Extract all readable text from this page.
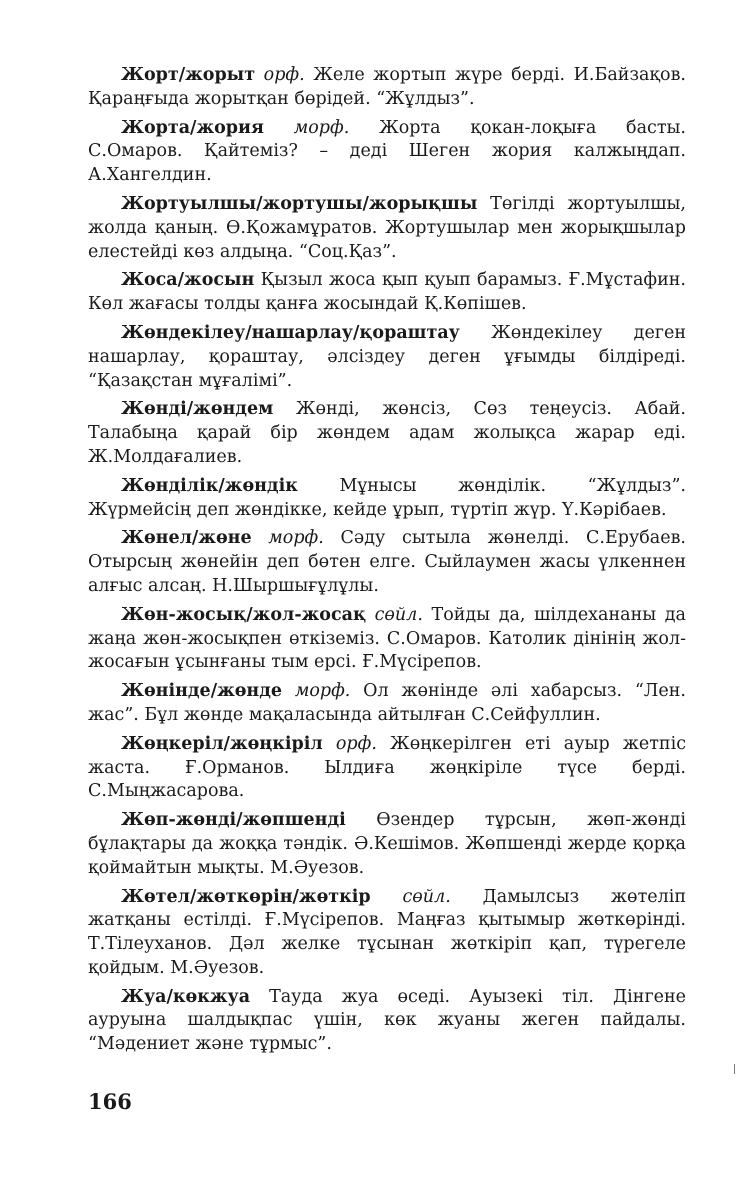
Жорт/жорыт орф. Желе жортып жүре берді. И.Байзақов. Қараңғыда жорытқан бөрідей. “Жұлдыз”.

Жорта/жория морф. Жорта қокан-лоқыға басты. С.Омаров. Қайтеміз? – деді Шеген жория калжыңдап. А.Хангелдин.

Жортуылшы/жортушы/жорықшы Төгілді жортуылшы, жолда қаның. Ө.Қожамұратов. Жортушылар мен жорықшылар елестейді көз алдыңа. “Соц.Қаз”.

Жоса/жосын Қызыл жоса қып қуып барамыз. Ғ.Мұстафин. Көл жағасы толды қанға жосындай Қ.Көпішев.

Жөндекілеу/нашарлау/қораштау Жөндекілеу деген нашарлау, қораштау, әлсіздеу деген ұғымды білдіреді. “Қазақстан мұғалімі”.

Жөнді/жөндем Жөнді, жөнсіз, Сөз теңеусіз. Абай. Талабыңа қарай бір жөндем адам жолықса жарар еді. Ж.Молдағалиев.

Жөнділік/жөндік Мұнысы жөнділік. “Жұлдыз”. Жүрмейсің деп жөндікке, кейде ұрып, түртіп жүр. Ү.Кәрібаев.

Жөнел/жөне морф. Сәду сытыла жөнелді. С.Ерубаев. Отырсың жөнейін деп бөтен елге. Сыйлаумен жасы үлкеннен алғыс алсаң. Н.Шыршығұлұлы.

Жөн-жосық/жол-жосақ сөйл. Тойды да, шілдехананы да жаңа жөн-жосықпен өткіземіз. С.Омаров. Католик дінінің жол-жосағын ұсынғаны тым ерсі. Ғ.Мүсірепов.

Жөнінде/жөнде морф. Ол жөнінде әлі хабарсыз. “Лен. жас”. Бұл жөнде мақаласында айтылған С.Сейфуллин.

Жөңкеріл/жөңкіріл орф. Жөңкерілген еті ауыр жетпіс жаста. Ғ.Орманов. Ылдиға жөңкіріле түсе берді. С.Мыңжасарова.

Жөп-жөнді/жөпшенді Өзендер тұрсын, жөп-жөнді бұлақтары да жоққа тәндік. Ә.Кешімов. Жөпшенді жерде қорқа қоймайтын мықты. М.Әуезов.

Жөтел/жөткөрін/жөткір сөйл. Дамылсыз жөтеліп жатқаны естілді. Ғ.Мүсірепов. Маңғаз қытымыр жөткөрінді. Т.Тілеуханов. Дәл желке тұсынан жөткіріп қап, түрегеле қойдым. М.Әуезов.

Жуа/көкжуа Тауда жуа өседі. Ауызекі тіл. Дінгене ауруына шалдықпас үшін, көк жуаны жеген пайдалы. “Мәдениет және тұрмыс”.

166
